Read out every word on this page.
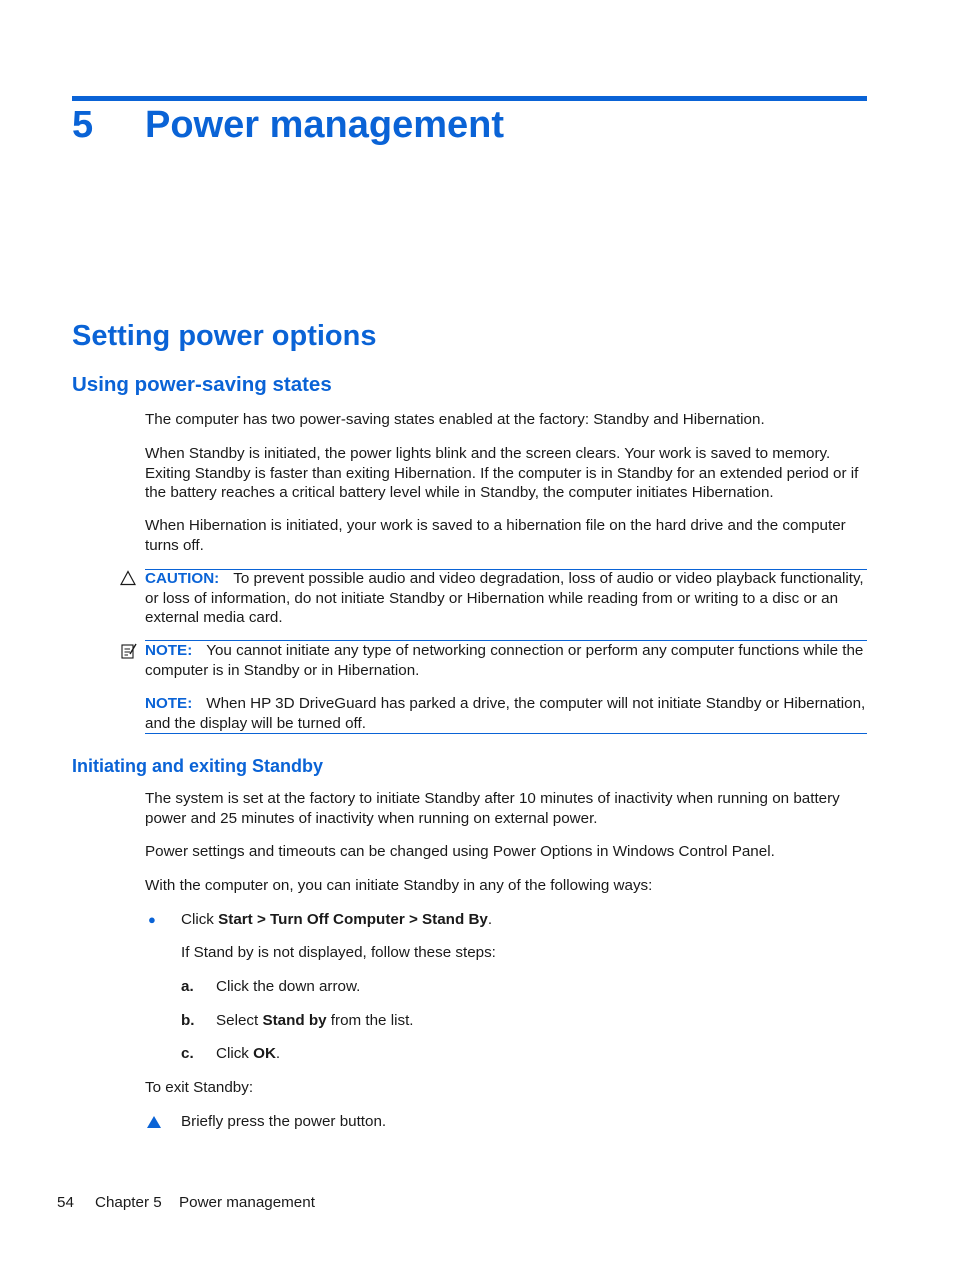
5 Power management
Setting power options
Using power-saving states

The computer has two power-saving states enabled at the factory: Standby and Hibernation.

When Standby is initiated, the power lights blink and the screen clears. Your work is saved to memory. Exiting Standby is faster than exiting Hibernation. If the computer is in Standby for an extended period or if the battery reaches a critical battery level while in Standby, the computer initiates Hibernation.

When Hibernation is initiated, your work is saved to a hibernation file on the hard drive and the computer turns off.

CAUTION: To prevent possible audio and video degradation, loss of audio or video playback functionality, or loss of information, do not initiate Standby or Hibernation while reading from or writing to a disc or an external media card.

NOTE: You cannot initiate any type of networking connection or perform any computer functions while the computer is in Standby or in Hibernation.

NOTE: When HP 3D DriveGuard has parked a drive, the computer will not initiate Standby or Hibernation, and the display will be turned off.

Initiating and exiting Standby

The system is set at the factory to initiate Standby after 10 minutes of inactivity when running on battery power and 25 minutes of inactivity when running on external power.

Power settings and timeouts can be changed using Power Options in Windows Control Panel.

With the computer on, you can initiate Standby in any of the following ways:

● Click Start > Turn Off Computer > Stand By.

If Stand by is not displayed, follow these steps:

a. Click the down arrow.

b. Select Stand by from the list.

c. Click OK.

To exit Standby:

Briefly press the power button.

54 Chapter 5 Power management
